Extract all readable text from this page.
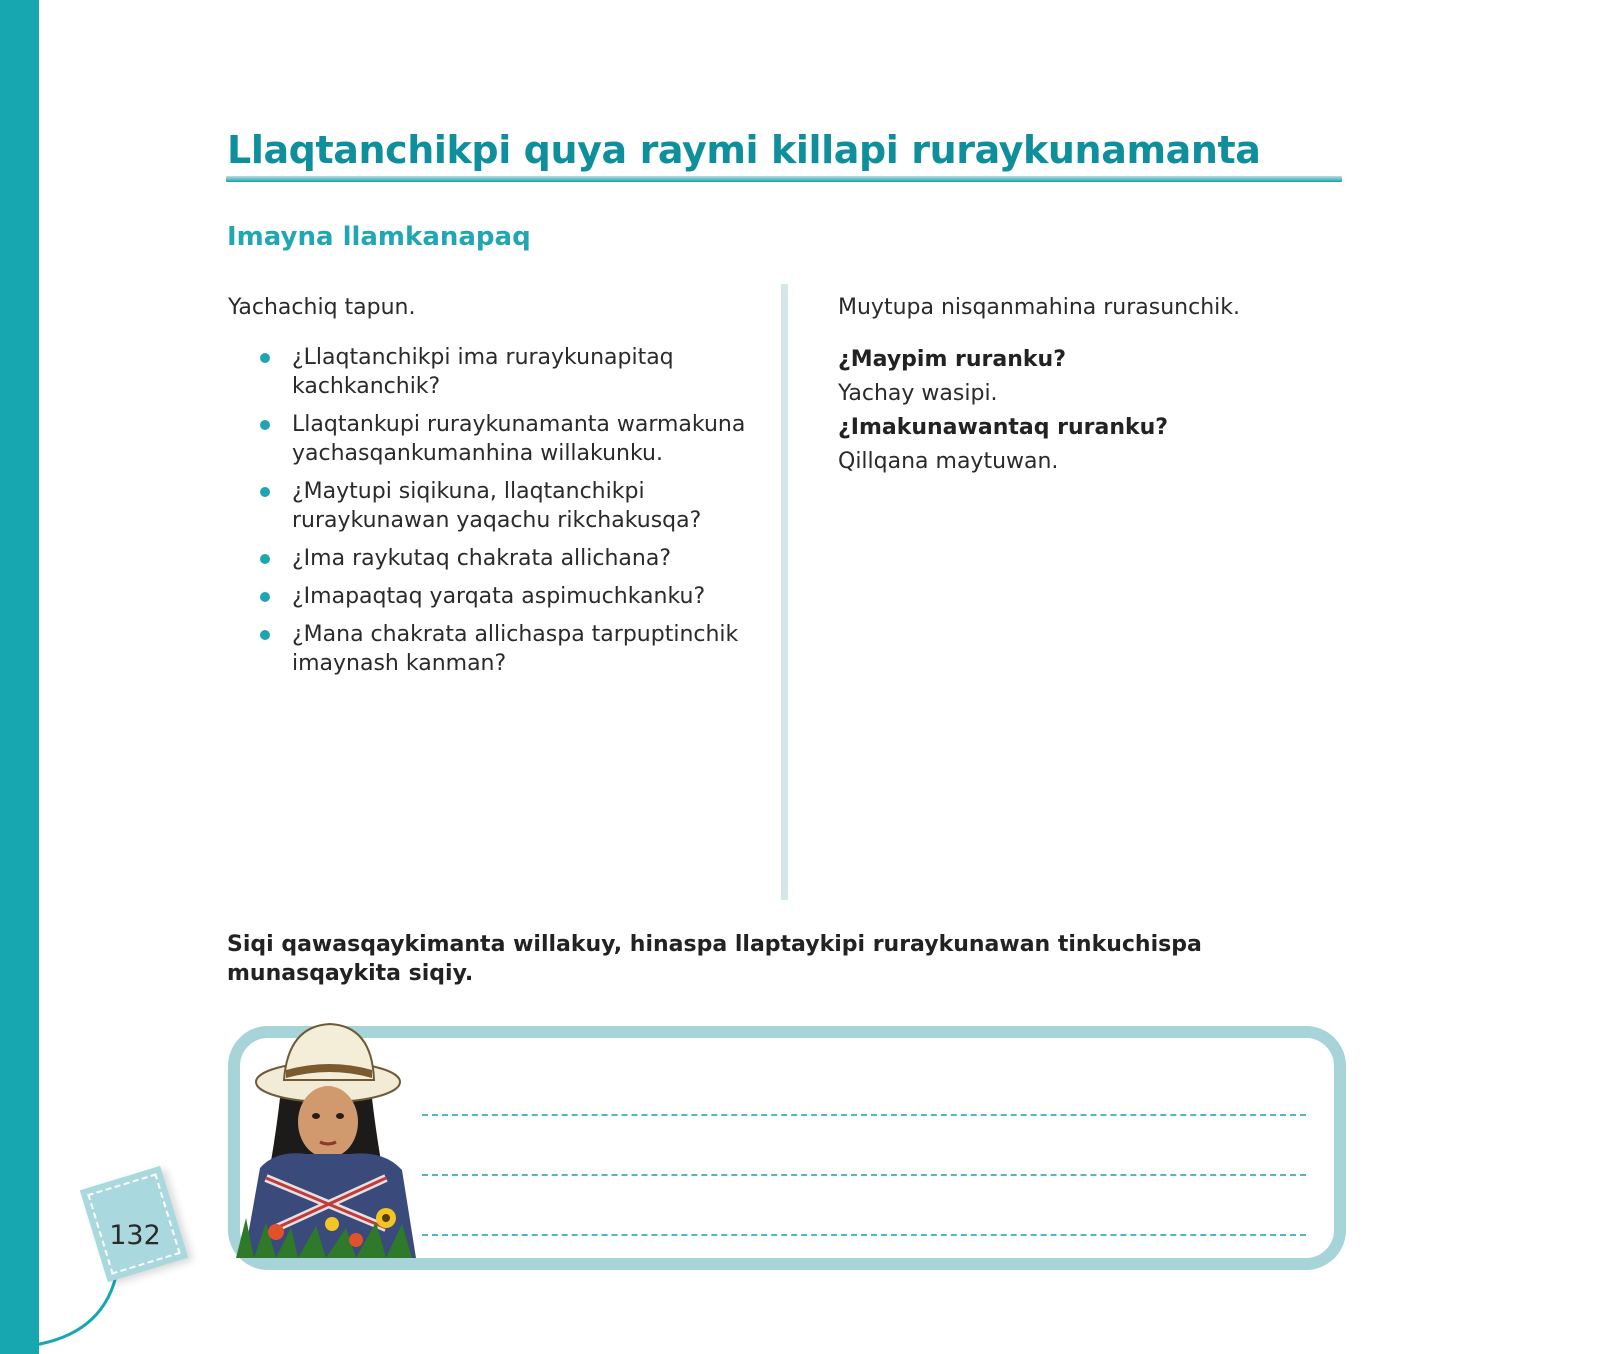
Llaqtanchikpi quya raymi killapi ruraykunamanta
Imayna llamkanapaq

Yachachiq tapun.

¿Llaqtanchikpi ima ruraykunapitaq kachkanchik?
Llaqtankupi ruraykunamanta warmakuna yachasqankumanhina willakunku.
¿Maytupi siqikuna, llaqtanchikpi ruraykunawan yaqachu rikchakusqa?
¿Ima raykutaq chakrata allichana?
¿Imapaqtaq yarqata aspimuchkanku?
¿Mana chakrata allichaspa tarpuptinchik imaynash kanman?

Muytupa nisqanmahina rurasunchik.

¿Maypim ruranku?

Yachay wasipi.

¿Imakunawantaq ruranku?

Qillqana maytuwan.

Siqi qawasqaykimanta willakuy, hinaspa llaptaykipi ruraykunawan tinkuchispa munasqaykita siqiy.

132
